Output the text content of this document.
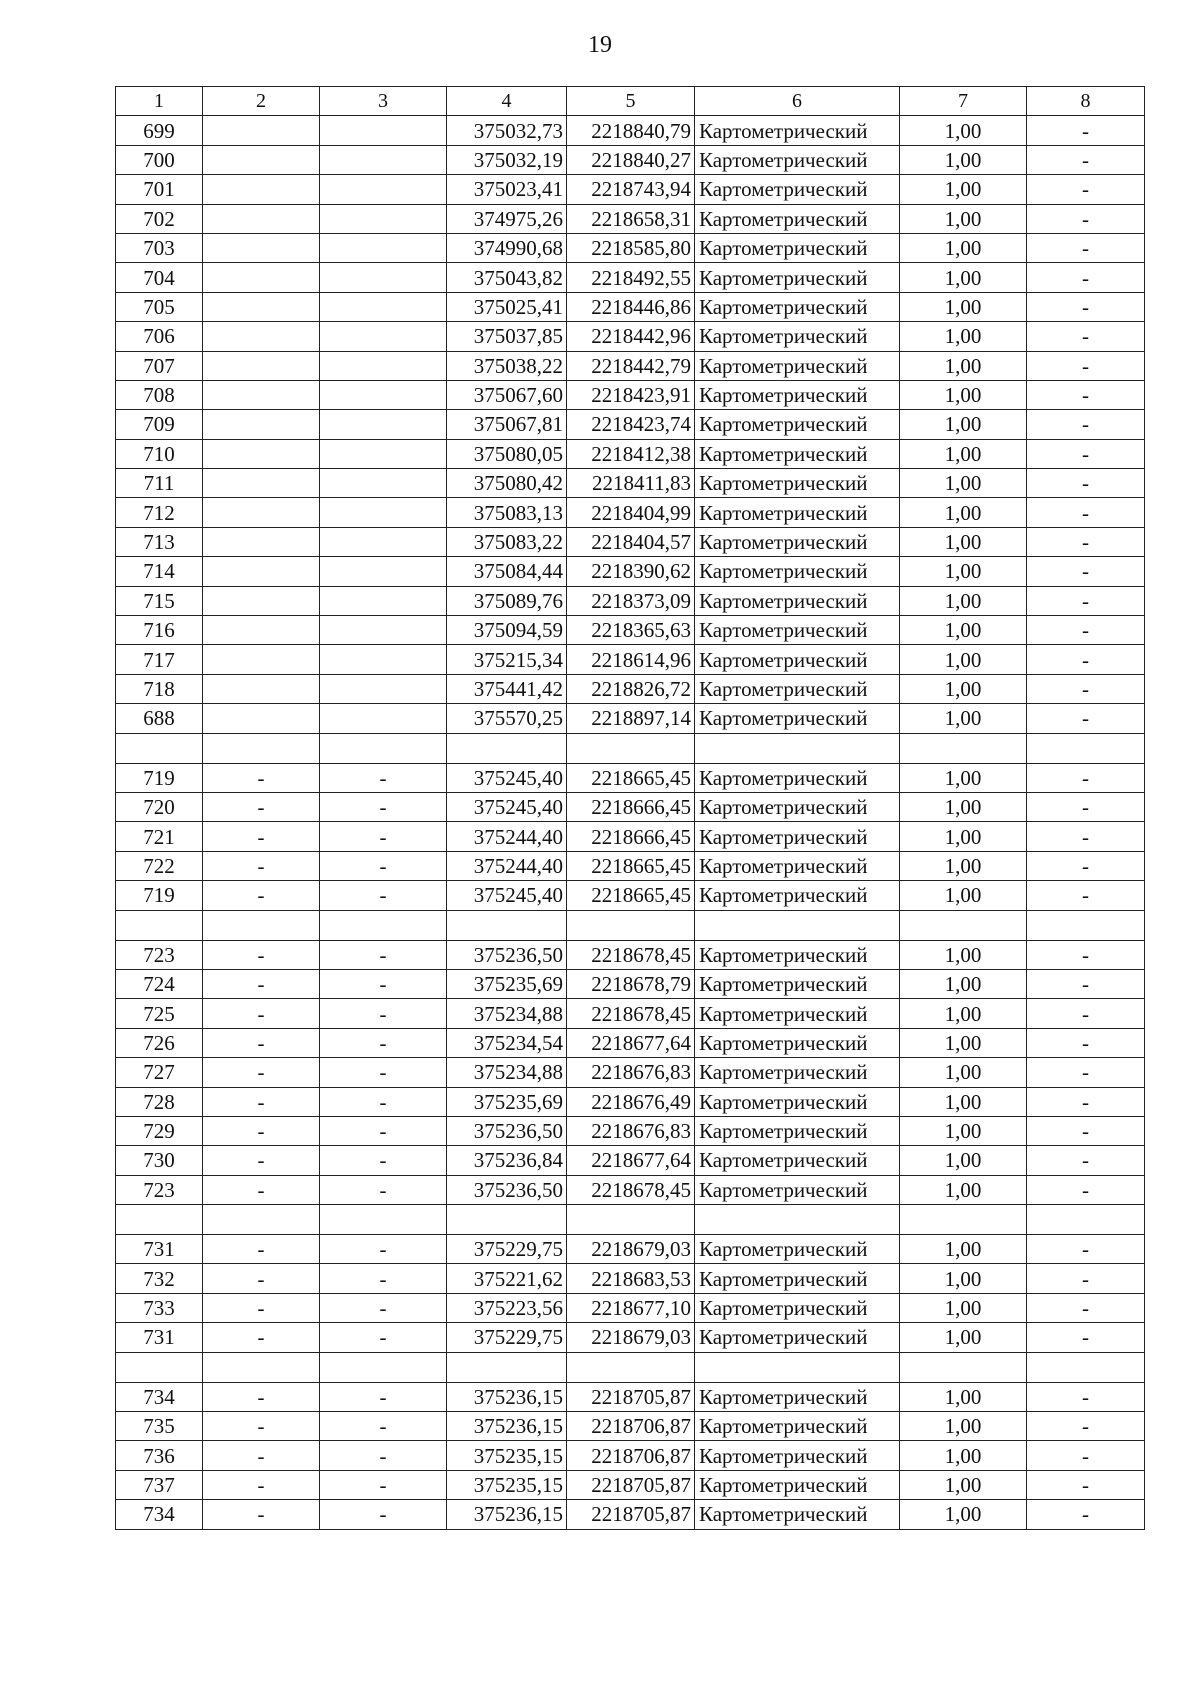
19
1	2	3	4	5	6	7	8
699			375032,73	2218840,79	Картометрический	1,00	-
700			375032,19	2218840,27	Картометрический	1,00	-
701			375023,41	2218743,94	Картометрический	1,00	-
702			374975,26	2218658,31	Картометрический	1,00	-
703			374990,68	2218585,80	Картометрический	1,00	-
704			375043,82	2218492,55	Картометрический	1,00	-
705			375025,41	2218446,86	Картометрический	1,00	-
706			375037,85	2218442,96	Картометрический	1,00	-
707			375038,22	2218442,79	Картометрический	1,00	-
708			375067,60	2218423,91	Картометрический	1,00	-
709			375067,81	2218423,74	Картометрический	1,00	-
710			375080,05	2218412,38	Картометрический	1,00	-
711			375080,42	2218411,83	Картометрический	1,00	-
712			375083,13	2218404,99	Картометрический	1,00	-
713			375083,22	2218404,57	Картометрический	1,00	-
714			375084,44	2218390,62	Картометрический	1,00	-
715			375089,76	2218373,09	Картометрический	1,00	-
716			375094,59	2218365,63	Картометрический	1,00	-
717			375215,34	2218614,96	Картометрический	1,00	-
718			375441,42	2218826,72	Картометрический	1,00	-
688			375570,25	2218897,14	Картометрический	1,00	-

719	-	-	375245,40	2218665,45	Картометрический	1,00	-
720	-	-	375245,40	2218666,45	Картометрический	1,00	-
721	-	-	375244,40	2218666,45	Картометрический	1,00	-
722	-	-	375244,40	2218665,45	Картометрический	1,00	-
719	-	-	375245,40	2218665,45	Картометрический	1,00	-

723	-	-	375236,50	2218678,45	Картометрический	1,00	-
724	-	-	375235,69	2218678,79	Картометрический	1,00	-
725	-	-	375234,88	2218678,45	Картометрический	1,00	-
726	-	-	375234,54	2218677,64	Картометрический	1,00	-
727	-	-	375234,88	2218676,83	Картометрический	1,00	-
728	-	-	375235,69	2218676,49	Картометрический	1,00	-
729	-	-	375236,50	2218676,83	Картометрический	1,00	-
730	-	-	375236,84	2218677,64	Картометрический	1,00	-
723	-	-	375236,50	2218678,45	Картометрический	1,00	-

731	-	-	375229,75	2218679,03	Картометрический	1,00	-
732	-	-	375221,62	2218683,53	Картометрический	1,00	-
733	-	-	375223,56	2218677,10	Картометрический	1,00	-
731	-	-	375229,75	2218679,03	Картометрический	1,00	-

734	-	-	375236,15	2218705,87	Картометрический	1,00	-
735	-	-	375236,15	2218706,87	Картометрический	1,00	-
736	-	-	375235,15	2218706,87	Картометрический	1,00	-
737	-	-	375235,15	2218705,87	Картометрический	1,00	-
734	-	-	375236,15	2218705,87	Картометрический	1,00	-
